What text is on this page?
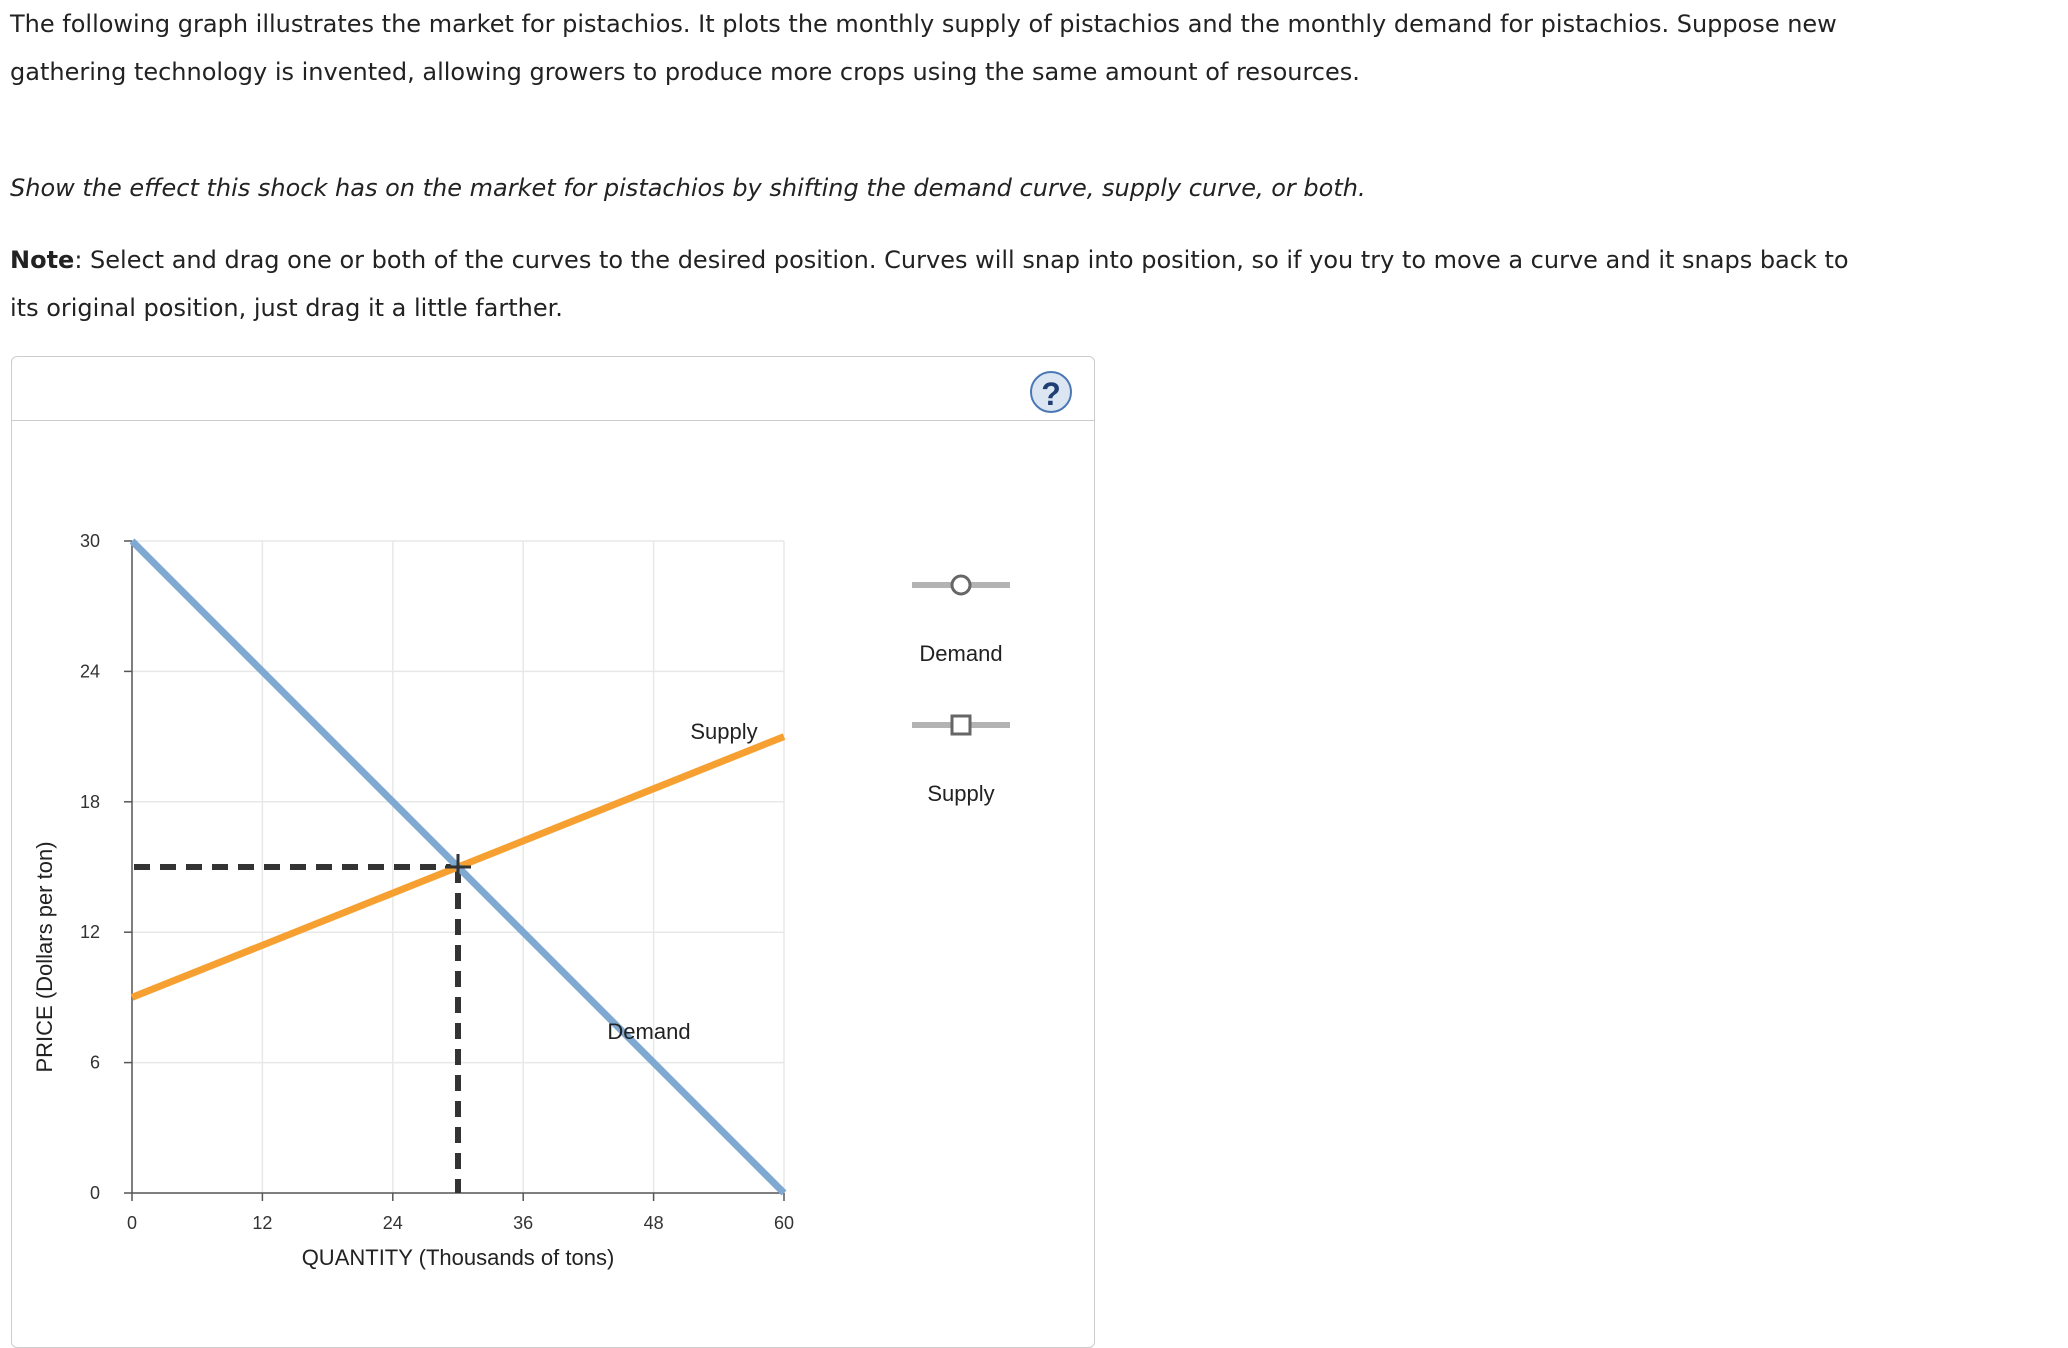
The following graph illustrates the market for pistachios. It plots the monthly supply of pistachios and the monthly demand for pistachios. Suppose new gathering technology is invented, allowing growers to produce more crops using the same amount of resources.

Show the effect this shock has on the market for pistachios by shifting the demand curve, supply curve, or both.

Note: Select and drag one or both of the curves to the desired position. Curves will snap into position, so if you try to move a curve and it snaps back to its original position, just drag it a little farther.

?
0
6
12
18
24
30
0	12	24	36	48	60
Supply
Demand
PRICE (Dollars per ton)
QUANTITY (Thousands of tons)
Demand
Supply
